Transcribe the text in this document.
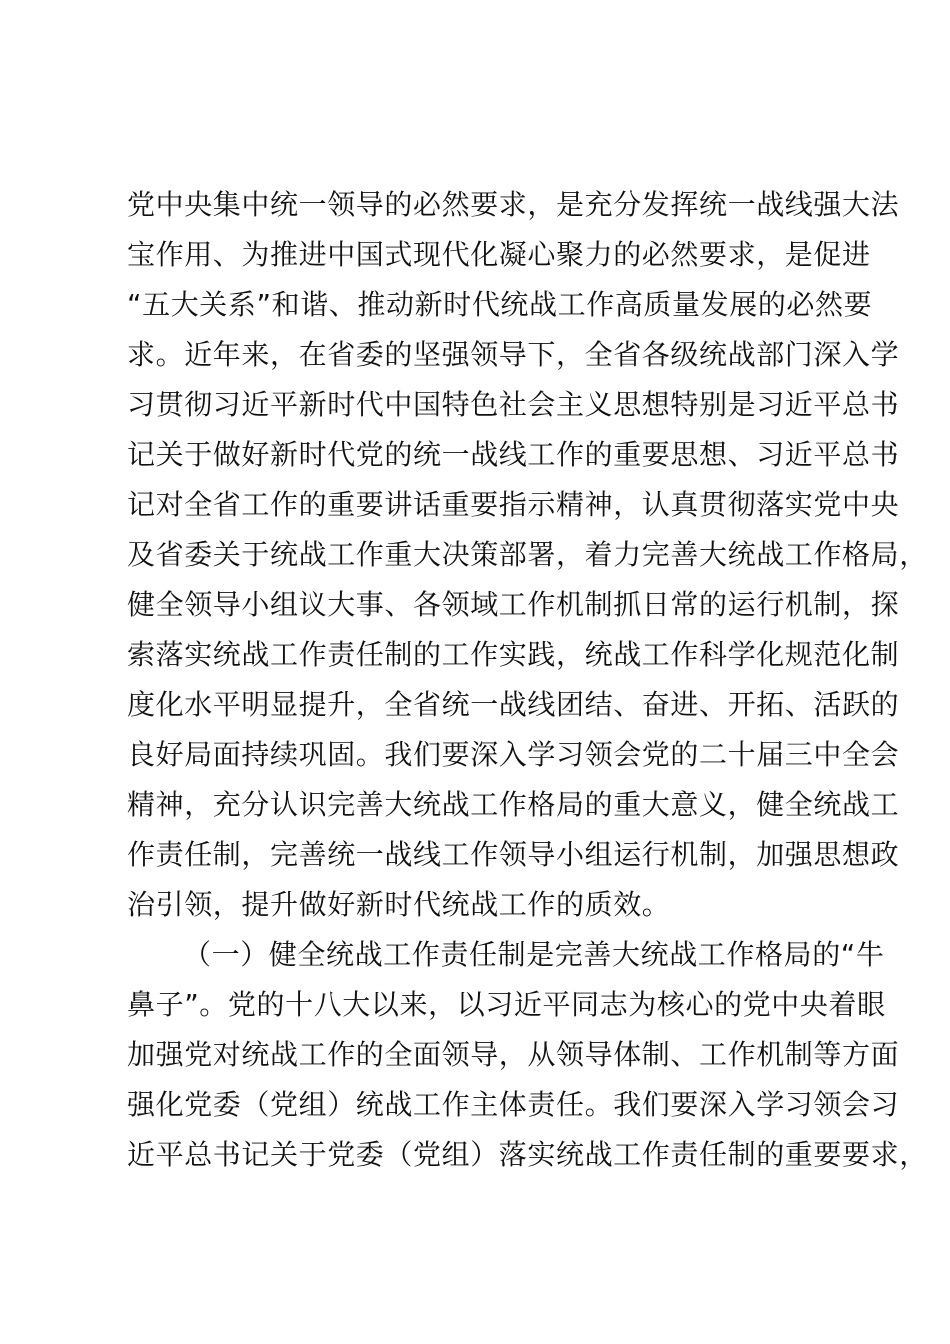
党中央集中统一领导的必然要求，是充分发挥统一战线强大法
宝作用、为推进中国式现代化凝心聚力的必然要求，是促进
“五大关系”和谐、推动新时代统战工作高质量发展的必然要
求。近年来，在省委的坚强领导下，全省各级统战部门深入学
习贯彻习近平新时代中国特色社会主义思想特别是习近平总书
记关于做好新时代党的统一战线工作的重要思想、习近平总书
记对全省工作的重要讲话重要指示精神，认真贯彻落实党中央
及省委关于统战工作重大决策部署，着力完善大统战工作格局，
健全领导小组议大事、各领域工作机制抓日常的运行机制，探
索落实统战工作责任制的工作实践，统战工作科学化规范化制
度化水平明显提升，全省统一战线团结、奋进、开拓、活跃的
良好局面持续巩固。我们要深入学习领会党的二十届三中全会
精神，充分认识完善大统战工作格局的重大意义，健全统战工
作责任制，完善统一战线工作领导小组运行机制，加强思想政
治引领，提升做好新时代统战工作的质效。
（一）健全统战工作责任制是完善大统战工作格局的“牛
鼻子”。党的十八大以来，以习近平同志为核心的党中央着眼
加强党对统战工作的全面领导，从领导体制、工作机制等方面
强化党委（党组）统战工作主体责任。我们要深入学习领会习
近平总书记关于党委（党组）落实统战工作责任制的重要要求，
